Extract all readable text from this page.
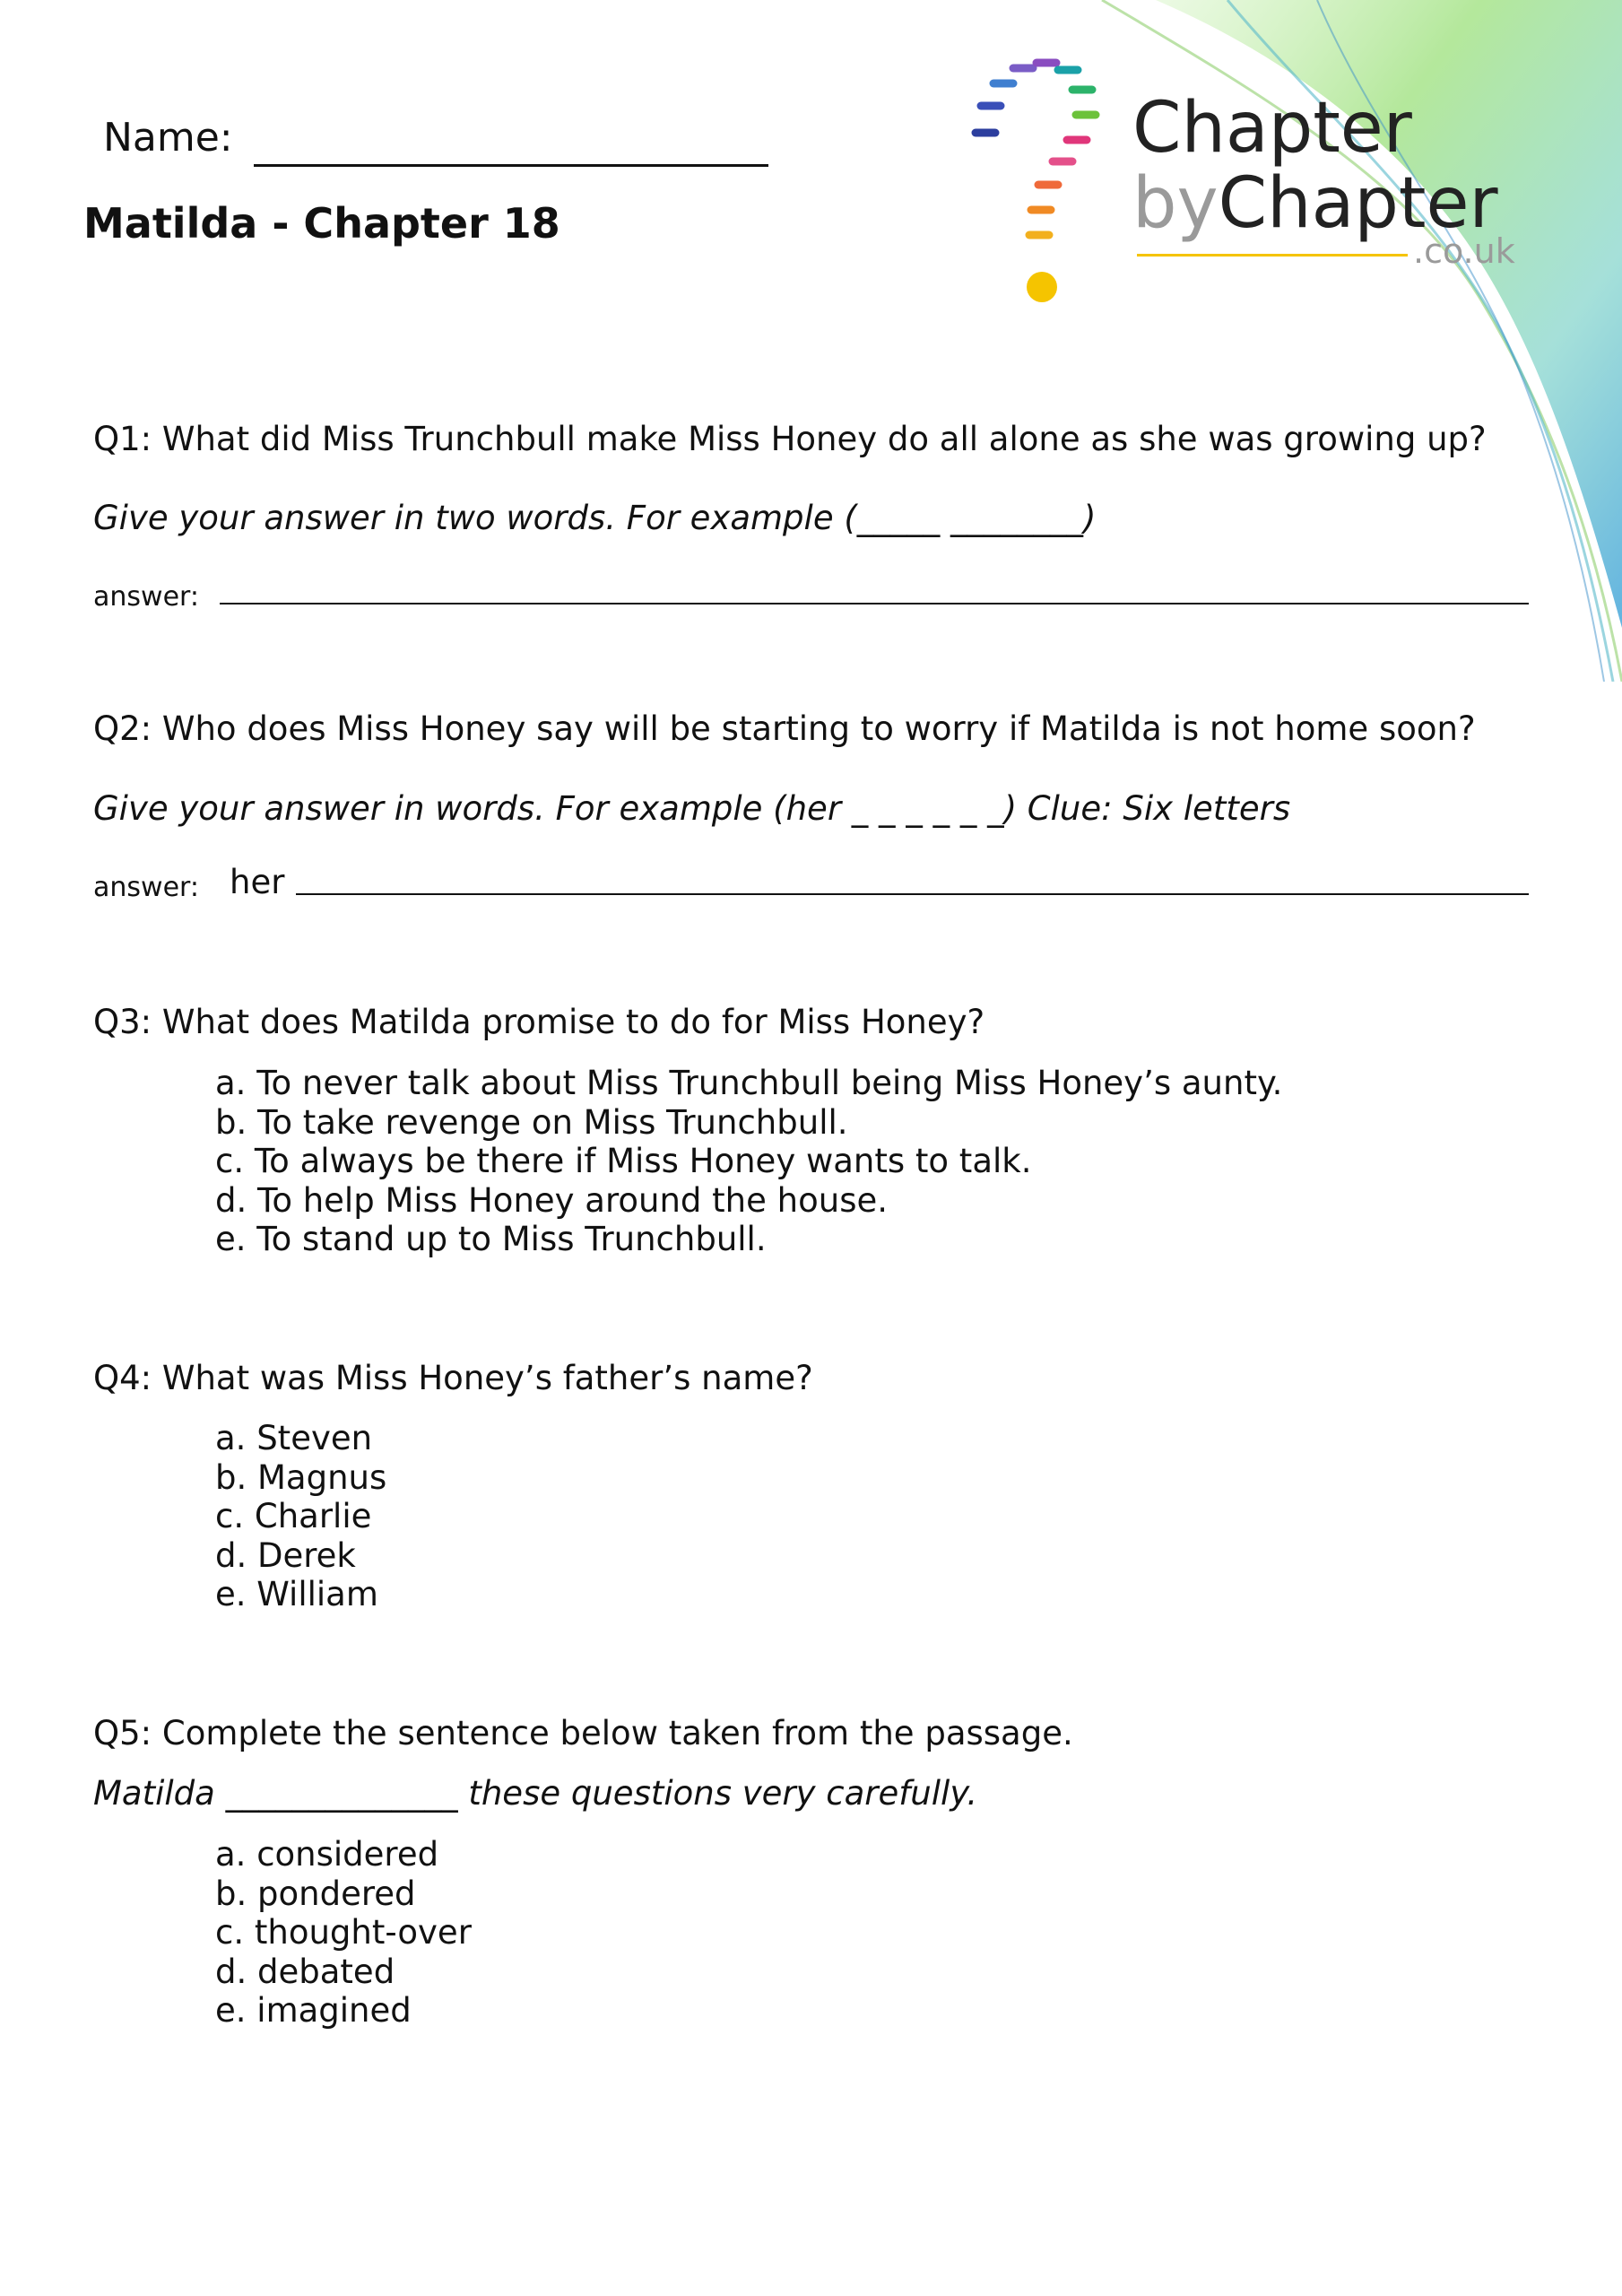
Name:
Matilda - Chapter 18
Chapter
byChapter
.co.uk
Q1: What did Miss Trunchbull make Miss Honey do all alone as she was growing up?
Give your answer in two words. For example (_____ ________)
answer:
Q2: Who does Miss Honey say will be starting to worry if Matilda is not home soon?
Give your answer in words. For example (her _ _ _ _ _ _) Clue: Six letters
answer: her
Q3: What does Matilda promise to do for Miss Honey?
a. To never talk about Miss Trunchbull being Miss Honey’s aunty.
b. To take revenge on Miss Trunchbull.
c. To always be there if Miss Honey wants to talk.
d. To help Miss Honey around the house.
e. To stand up to Miss Trunchbull.
Q4: What was Miss Honey’s father’s name?
a. Steven
b. Magnus
c. Charlie
d. Derek
e. William
Q5: Complete the sentence below taken from the passage.
Matilda ______________ these questions very carefully.
a. considered
b. pondered
c. thought-over
d. debated
e. imagined
